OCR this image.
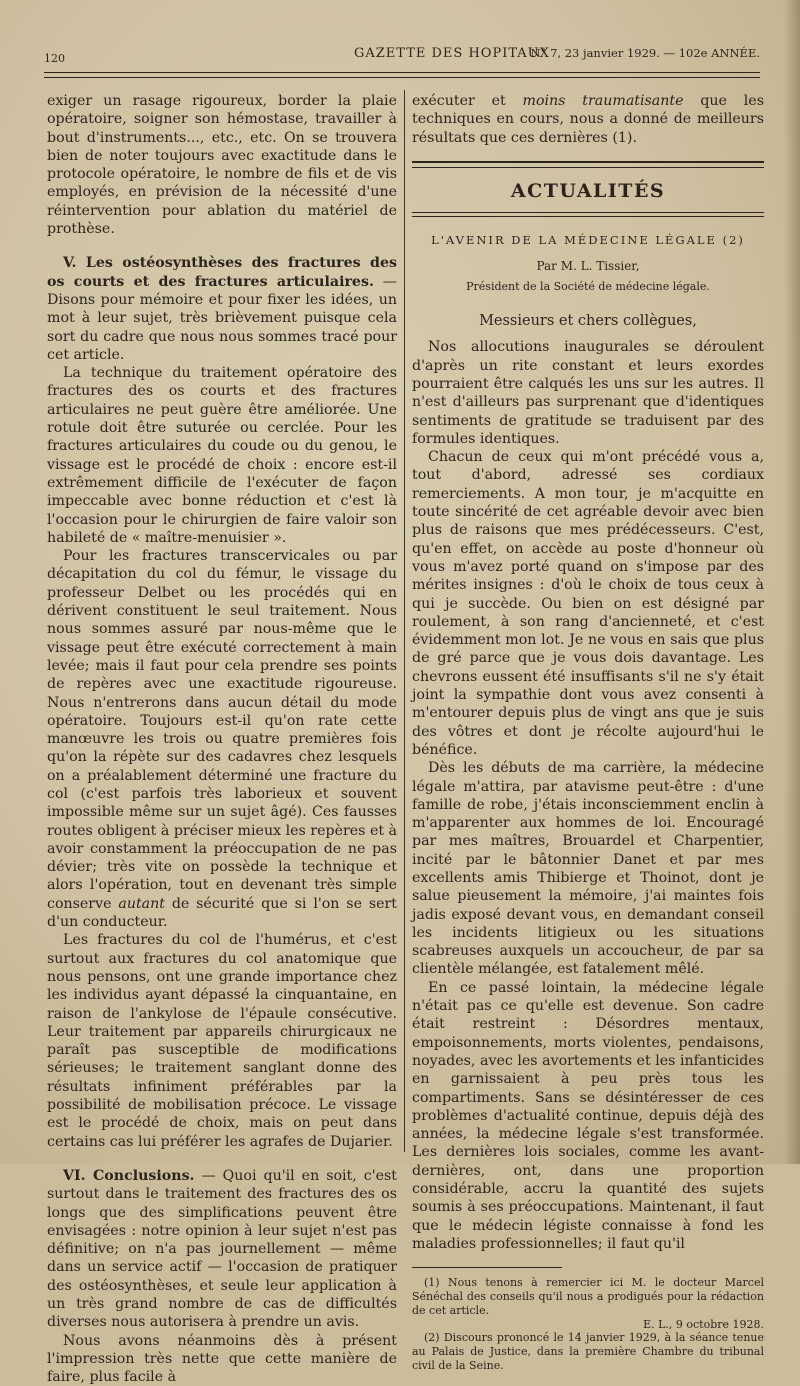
120	GAZETTE DES HOPITAUX
N° 7, 23 janvier 1929. — 102e ANNÉE.

exiger un rasage rigoureux, border la plaie opératoire, soigner son hémostase, travailler à bout d'instruments..., etc., etc. On se trouvera bien de noter toujours avec exactitude dans le protocole opératoire, le nombre de fils et de vis employés, en prévision de la nécessité d'une réintervention pour ablation du matériel de prothèse.

V. Les ostéosynthèses des fractures des os courts et des fractures articulaires. — Disons pour mémoire et pour fixer les idées, un mot à leur sujet, très brièvement puisque cela sort du cadre que nous nous sommes tracé pour cet article.

La technique du traitement opératoire des fractures des os courts et des fractures articulaires ne peut guère être améliorée. Une rotule doit être suturée ou cerclée. Pour les fractures articulaires du coude ou du genou, le vissage est le procédé de choix : encore est-il extrêmement difficile de l'exécuter de façon impeccable avec bonne réduction et c'est là l'occasion pour le chirurgien de faire valoir son habileté de « maître-menuisier ».

Pour les fractures transcervicales ou par décapitation du col du fémur, le vissage du professeur Delbet ou les procédés qui en dérivent constituent le seul traitement. Nous nous sommes assuré par nous-même que le vissage peut être exécuté correctement à main levée; mais il faut pour cela prendre ses points de repères avec une exactitude rigoureuse. Nous n'entrerons dans aucun détail du mode opératoire. Toujours est-il qu'on rate cette manœuvre les trois ou quatre premières fois qu'on la répète sur des cadavres chez lesquels on a préalablement déterminé une fracture du col (c'est parfois très laborieux et souvent impossible même sur un sujet âgé). Ces fausses routes obligent à préciser mieux les repères et à avoir constamment la préoccupation de ne pas dévier; très vite on possède la technique et alors l'opération, tout en devenant très simple conserve autant de sécurité que si l'on se sert d'un conducteur.

Les fractures du col de l'humérus, et c'est surtout aux fractures du col anatomique que nous pensons, ont une grande importance chez les individus ayant dépassé la cinquantaine, en raison de l'ankylose de l'épaule consécutive. Leur traitement par appareils chirurgicaux ne paraît pas susceptible de modifications sérieuses; le traitement sanglant donne des résultats infiniment préférables par la possibilité de mobilisation précoce. Le vissage est le procédé de choix, mais on peut dans certains cas lui préférer les agrafes de Dujarier.

VI. Conclusions. — Quoi qu'il en soit, c'est surtout dans le traitement des fractures des os longs que des simplifications peuvent être envisagées : notre opinion à leur sujet n'est pas définitive; on n'a pas journellement — même dans un service actif — l'occasion de pratiquer des ostéosynthèses, et seule leur application à un très grand nombre de cas de difficultés diverses nous autorisera à prendre un avis.

Nous avons néanmoins dès à présent l'impression très nette que cette manière de faire, plus facile à

exécuter et moins traumatisante que les techniques en cours, nous a donné de meilleurs résultats que ces dernières (1).

ACTUALITÉS
L'AVENIR DE LA MÉDECINE LÉGALE (2)
Par M. L. Tissier,
Président de la Société de médecine légale.
Messieurs et chers collègues,

Nos allocutions inaugurales se déroulent d'après un rite constant et leurs exordes pourraient être calqués les uns sur les autres. Il n'est d'ailleurs pas surprenant que d'identiques sentiments de gratitude se traduisent par des formules identiques.

Chacun de ceux qui m'ont précédé vous a, tout d'abord, adressé ses cordiaux remerciements. A mon tour, je m'acquitte en toute sincérité de cet agréable devoir avec bien plus de raisons que mes prédécesseurs. C'est, qu'en effet, on accède au poste d'honneur où vous m'avez porté quand on s'impose par des mérites insignes : d'où le choix de tous ceux à qui je succède. Ou bien on est désigné par roulement, à son rang d'ancienneté, et c'est évidemment mon lot. Je ne vous en sais que plus de gré parce que je vous dois davantage. Les chevrons eussent été insuffisants s'il ne s'y était joint la sympathie dont vous avez consenti à m'entourer depuis plus de vingt ans que je suis des vôtres et dont je récolte aujourd'hui le bénéfice.

Dès les débuts de ma carrière, la médecine légale m'attira, par atavisme peut-être : d'une famille de robe, j'étais inconsciemment enclin à m'apparenter aux hommes de loi. Encouragé par mes maîtres, Brouardel et Charpentier, incité par le bâtonnier Danet et par mes excellents amis Thibierge et Thoinot, dont je salue pieusement la mémoire, j'ai maintes fois jadis exposé devant vous, en demandant conseil les incidents litigieux ou les situations scabreuses auxquels un accoucheur, de par sa clientèle mélangée, est fatalement mêlé.

En ce passé lointain, la médecine légale n'était pas ce qu'elle est devenue. Son cadre était restreint : Désordres mentaux, empoisonnements, morts violentes, pendaisons, noyades, avec les avortements et les infanticides en garnissaient à peu près tous les compartiments. Sans se désintéresser de ces problèmes d'actualité continue, depuis déjà des années, la médecine légale s'est transformée. Les dernières lois sociales, comme les avant-dernières, ont, dans une proportion considérable, accru la quantité des sujets soumis à ses préoccupations. Maintenant, il faut que le médecin légiste connaisse à fond les maladies professionnelles; il faut qu'il

(1) Nous tenons à remercier ici M. le docteur Marcel Sénéchal des conseils qu'il nous a prodigués pour la rédaction de cet article.

E. L., 9 octobre 1928.

(2) Discours prononcé le 14 janvier 1929, à la séance tenue au Palais de Justice, dans la première Chambre du tribunal civil de la Seine.
